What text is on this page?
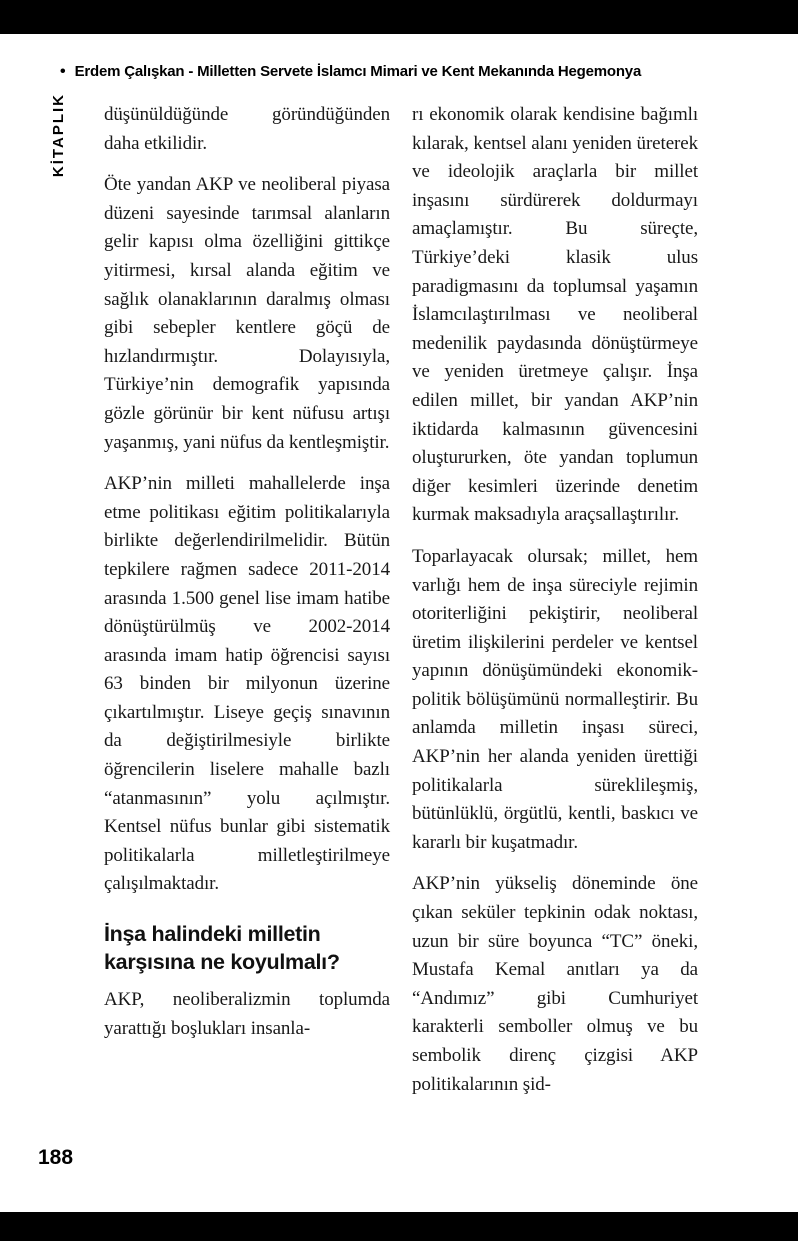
• Erdem Çalışkan - Milletten Servete İslamcı Mimari ve Kent Mekanında Hegemonya
KİTAPLIK düşünüldüğünde göründüğünden daha etkilidir.

Öte yandan AKP ve neoliberal piyasa düzeni sayesinde tarımsal alanların gelir kapısı olma özelliğini gittikçe yitirmesi, kırsal alanda eğitim ve sağlık olanaklarının daralmış olması gibi sebepler kentlere göçü de hızlandırmıştır. Dolayısıyla, Türkiye’nin demografik yapısında gözle görünür bir kent nüfusu artışı yaşanmış, yani nüfus da kentleşmiştir.

AKP’nin milleti mahallelerde inşa etme politikası eğitim politikalarıyla birlikte değerlendirilmelidir. Bütün tepkilere rağmen sadece 2011-2014 arasında 1.500 genel lise imam hatibe dönüştürülmüş ve 2002-2014 arasında imam hatip öğrencisi sayısı 63 binden bir milyonun üzerine çıkartılmıştır. Liseye geçiş sınavının da değiştirilmesiyle birlikte öğrencilerin liselere mahalle bazlı “atanmasının” yolu açılmıştır. Kentsel nüfus bunlar gibi sistematik politikalarla milletleştirilmeye çalışılmaktadır.

İnşa halindeki milletin karşısına ne koyulmalı?

AKP, neoliberalizmin toplumda yarattığı boşlukları insanla-

rı ekonomik olarak kendisine bağımlı kılarak, kentsel alanı yeniden üreterek ve ideolojik araçlarla bir millet inşasını sürdürerek doldurmayı amaçlamıştır. Bu süreçte, Türkiye’deki klasik ulus paradigmasını da toplumsal yaşamın İslamcılaştırılması ve neoliberal medenilik paydasında dönüştürmeye ve yeniden üretmeye çalışır. İnşa edilen millet, bir yandan AKP’nin iktidarda kalmasının güvencesini oluştururken, öte yandan toplumun diğer kesimleri üzerinde denetim kurmak maksadıyla araçsallaştırılır.

Toparlayacak olursak; millet, hem varlığı hem de inşa süreciyle rejimin otoriterliğini pekiştirir, neoliberal üretim ilişkilerini perdeler ve kentsel yapının dönüşümündeki ekonomik-politik bölüşümünü normalleştirir. Bu anlamda milletin inşası süreci, AKP’nin her alanda yeniden ürettiği politikalarla süreklileşmiş, bütünlüklü, örgütlü, kentli, baskıcı ve kararlı bir kuşatmadır.

AKP’nin yükseliş döneminde öne çıkan seküler tepkinin odak noktası, uzun bir süre boyunca “TC” öneki, Mustafa Kemal anıtları ya da “Andımız” gibi Cumhuriyet karakterli semboller olmuş ve bu sembolik direnç çizgisi AKP politikalarının şid-

188
